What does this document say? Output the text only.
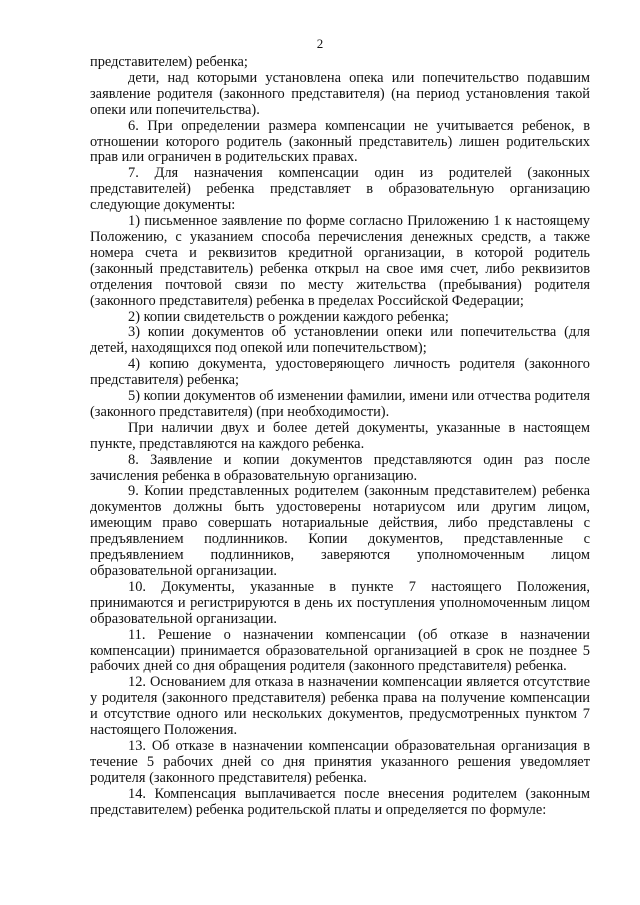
2

представителем) ребенка;

дети, над которыми установлена опека или попечительство подавшим заявление родителя (законного представителя) (на период установления такой опеки или попечительства).

6. При определении размера компенсации не учитывается ребенок, в отношении которого родитель (законный представитель) лишен родительских прав или ограничен в родительских правах.

7. Для назначения компенсации один из родителей (законных представителей) ребенка представляет в образовательную организацию следующие документы:

1) письменное заявление по форме согласно Приложению 1 к настоящему Положению, с указанием способа перечисления денежных средств, а также номера счета и реквизитов кредитной организации, в которой родитель (законный представитель) ребенка открыл на свое имя счет, либо реквизитов отделения почтовой связи по месту жительства (пребывания) родителя (законного представителя) ребенка в пределах Российской Федерации;

2) копии свидетельств о рождении каждого ребенка;

3) копии документов об установлении опеки или попечительства (для детей, находящихся под опекой или попечительством);

4) копию документа, удостоверяющего личность родителя (законного представителя) ребенка;

5) копии документов об изменении фамилии, имени или отчества родителя (законного представителя) (при необходимости).

При наличии двух и более детей документы, указанные в настоящем пункте, представляются на каждого ребенка.

8. Заявление и копии документов представляются один раз после зачисления ребенка в образовательную организацию.

9. Копии представленных родителем (законным представителем) ребенка документов должны быть удостоверены нотариусом или другим лицом, имеющим право совершать нотариальные действия, либо представлены с предъявлением подлинников. Копии документов, представленные с предъявлением подлинников, заверяются уполномоченным лицом образовательной организации.

10. Документы, указанные в пункте 7 настоящего Положения, принимаются и регистрируются в день их поступления уполномоченным лицом образовательной организации.

11. Решение о назначении компенсации (об отказе в назначении компенсации) принимается образовательной организацией в срок не позднее 5 рабочих дней со дня обращения родителя (законного представителя) ребенка.

12. Основанием для отказа в назначении компенсации является отсутствие у родителя (законного представителя) ребенка права на получение компенсации и отсутствие одного или нескольких документов, предусмотренных пунктом 7 настоящего Положения.

13. Об отказе в назначении компенсации образовательная организация в течение 5 рабочих дней со дня принятия указанного решения уведомляет родителя (законного представителя) ребенка.

14. Компенсация выплачивается после внесения родителем (законным представителем) ребенка родительской платы и определяется по формуле:
